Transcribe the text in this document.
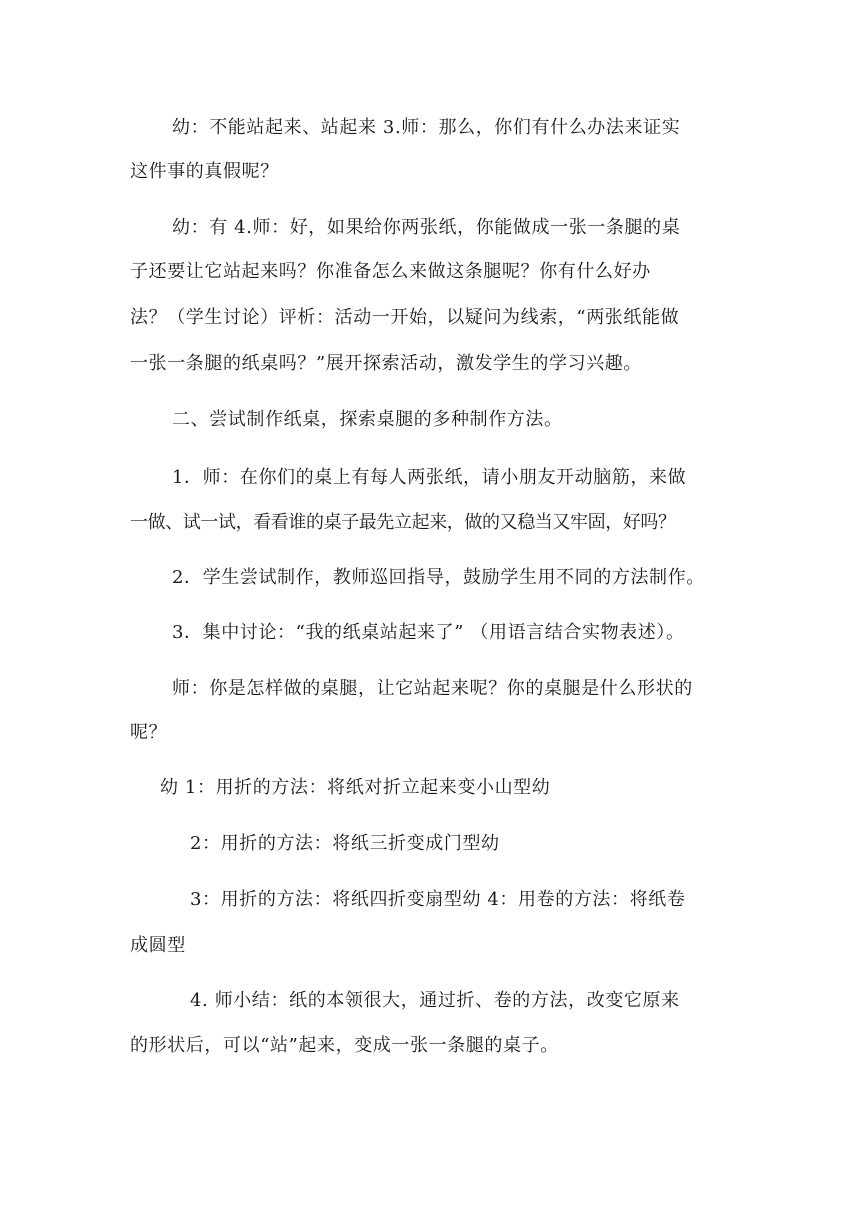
幼：不能站起来、站起来 3.师：那么，你们有什么办法来证实
这件事的真假呢？
幼：有 4.师：好，如果给你两张纸，你能做成一张一条腿的桌
子还要让它站起来吗？你准备怎么来做这条腿呢？你有什么好办
法？（学生讨论）评析：活动一开始，以疑问为线索，“两张纸能做
一张一条腿的纸桌吗？”展开探索活动，激发学生的学习兴趣。
二、尝试制作纸桌，探索桌腿的多种制作方法。
1．师：在你们的桌上有每人两张纸，请小朋友开动脑筋，来做
一做、试一试，看看谁的桌子最先立起来，做的又稳当又牢固，好吗？
2．学生尝试制作，教师巡回指导，鼓励学生用不同的方法制作。
3．集中讨论：“我的纸桌站起来了” （用语言结合实物表述）。
师：你是怎样做的桌腿，让它站起来呢？你的桌腿是什么形状的
呢？
幼 1：用折的方法：将纸对折立起来变小山型幼
2：用折的方法：将纸三折变成门型幼
3：用折的方法：将纸四折变扇型幼 4：用卷的方法：将纸卷
成圆型
4. 师小结：纸的本领很大，通过折、卷的方法，改变它原来
的形状后，可以“站”起来，变成一张一条腿的桌子。
